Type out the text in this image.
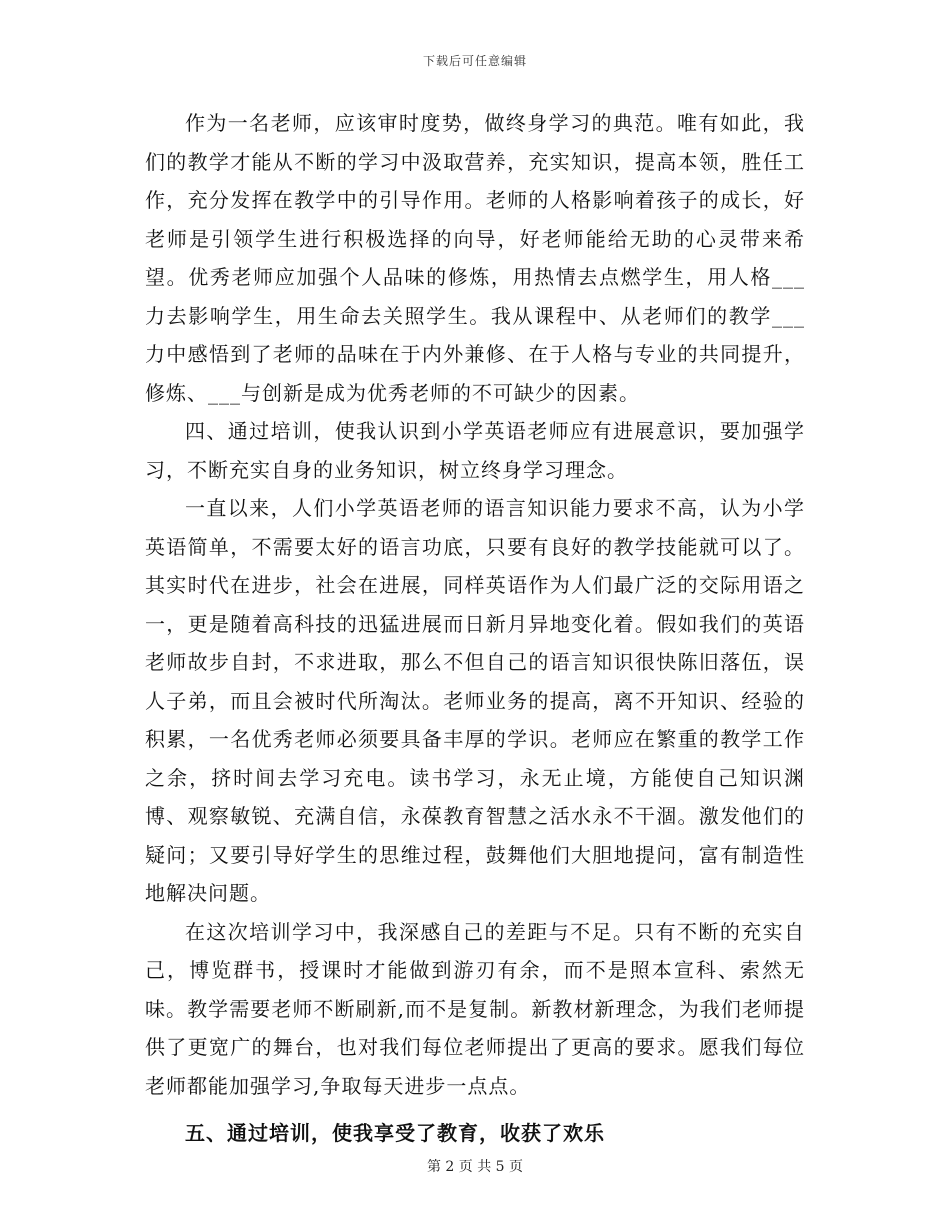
下载后可任意编辑

作为一名老师，应该审时度势，做终身学习的典范。唯有如此，我们的教学才能从不断的学习中汲取营养，充实知识，提高本领，胜任工作，充分发挥在教学中的引导作用。老师的人格影响着孩子的成长，好老师是引领学生进行积极选择的向导，好老师能给无助的心灵带来希望。优秀老师应加强个人品味的修炼，用热情去点燃学生，用人格___力去影响学生，用生命去关照学生。我从课程中、从老师们的教学___力中感悟到了老师的品味在于内外兼修、在于人格与专业的共同提升，修炼、___与创新是成为优秀老师的不可缺少的因素。

四、通过培训，使我认识到小学英语老师应有进展意识，要加强学习，不断充实自身的业务知识，树立终身学习理念。

一直以来，人们小学英语老师的语言知识能力要求不高，认为小学英语简单，不需要太好的语言功底，只要有良好的教学技能就可以了。其实时代在进步，社会在进展，同样英语作为人们最广泛的交际用语之一，更是随着高科技的迅猛进展而日新月异地变化着。假如我们的英语老师故步自封，不求进取，那么不但自己的语言知识很快陈旧落伍，误人子弟，而且会被时代所淘汰。老师业务的提高，离不开知识、经验的积累，一名优秀老师必须要具备丰厚的学识。老师应在繁重的教学工作之余，挤时间去学习充电。读书学习，永无止境，方能使自己知识渊博、观察敏锐、充满自信，永葆教育智慧之活水永不干涸。激发他们的疑问；又要引导好学生的思维过程，鼓舞他们大胆地提问，富有制造性地解决问题。

在这次培训学习中，我深感自己的差距与不足。只有不断的充实自己，博览群书，授课时才能做到游刃有余，而不是照本宣科、索然无味。教学需要老师不断刷新,而不是复制。新教材新理念，为我们老师提供了更宽广的舞台，也对我们每位老师提出了更高的要求。愿我们每位老师都能加强学习,争取每天进步一点点。

五、通过培训，使我享受了教育，收获了欢乐

第 2 页 共 5 页
